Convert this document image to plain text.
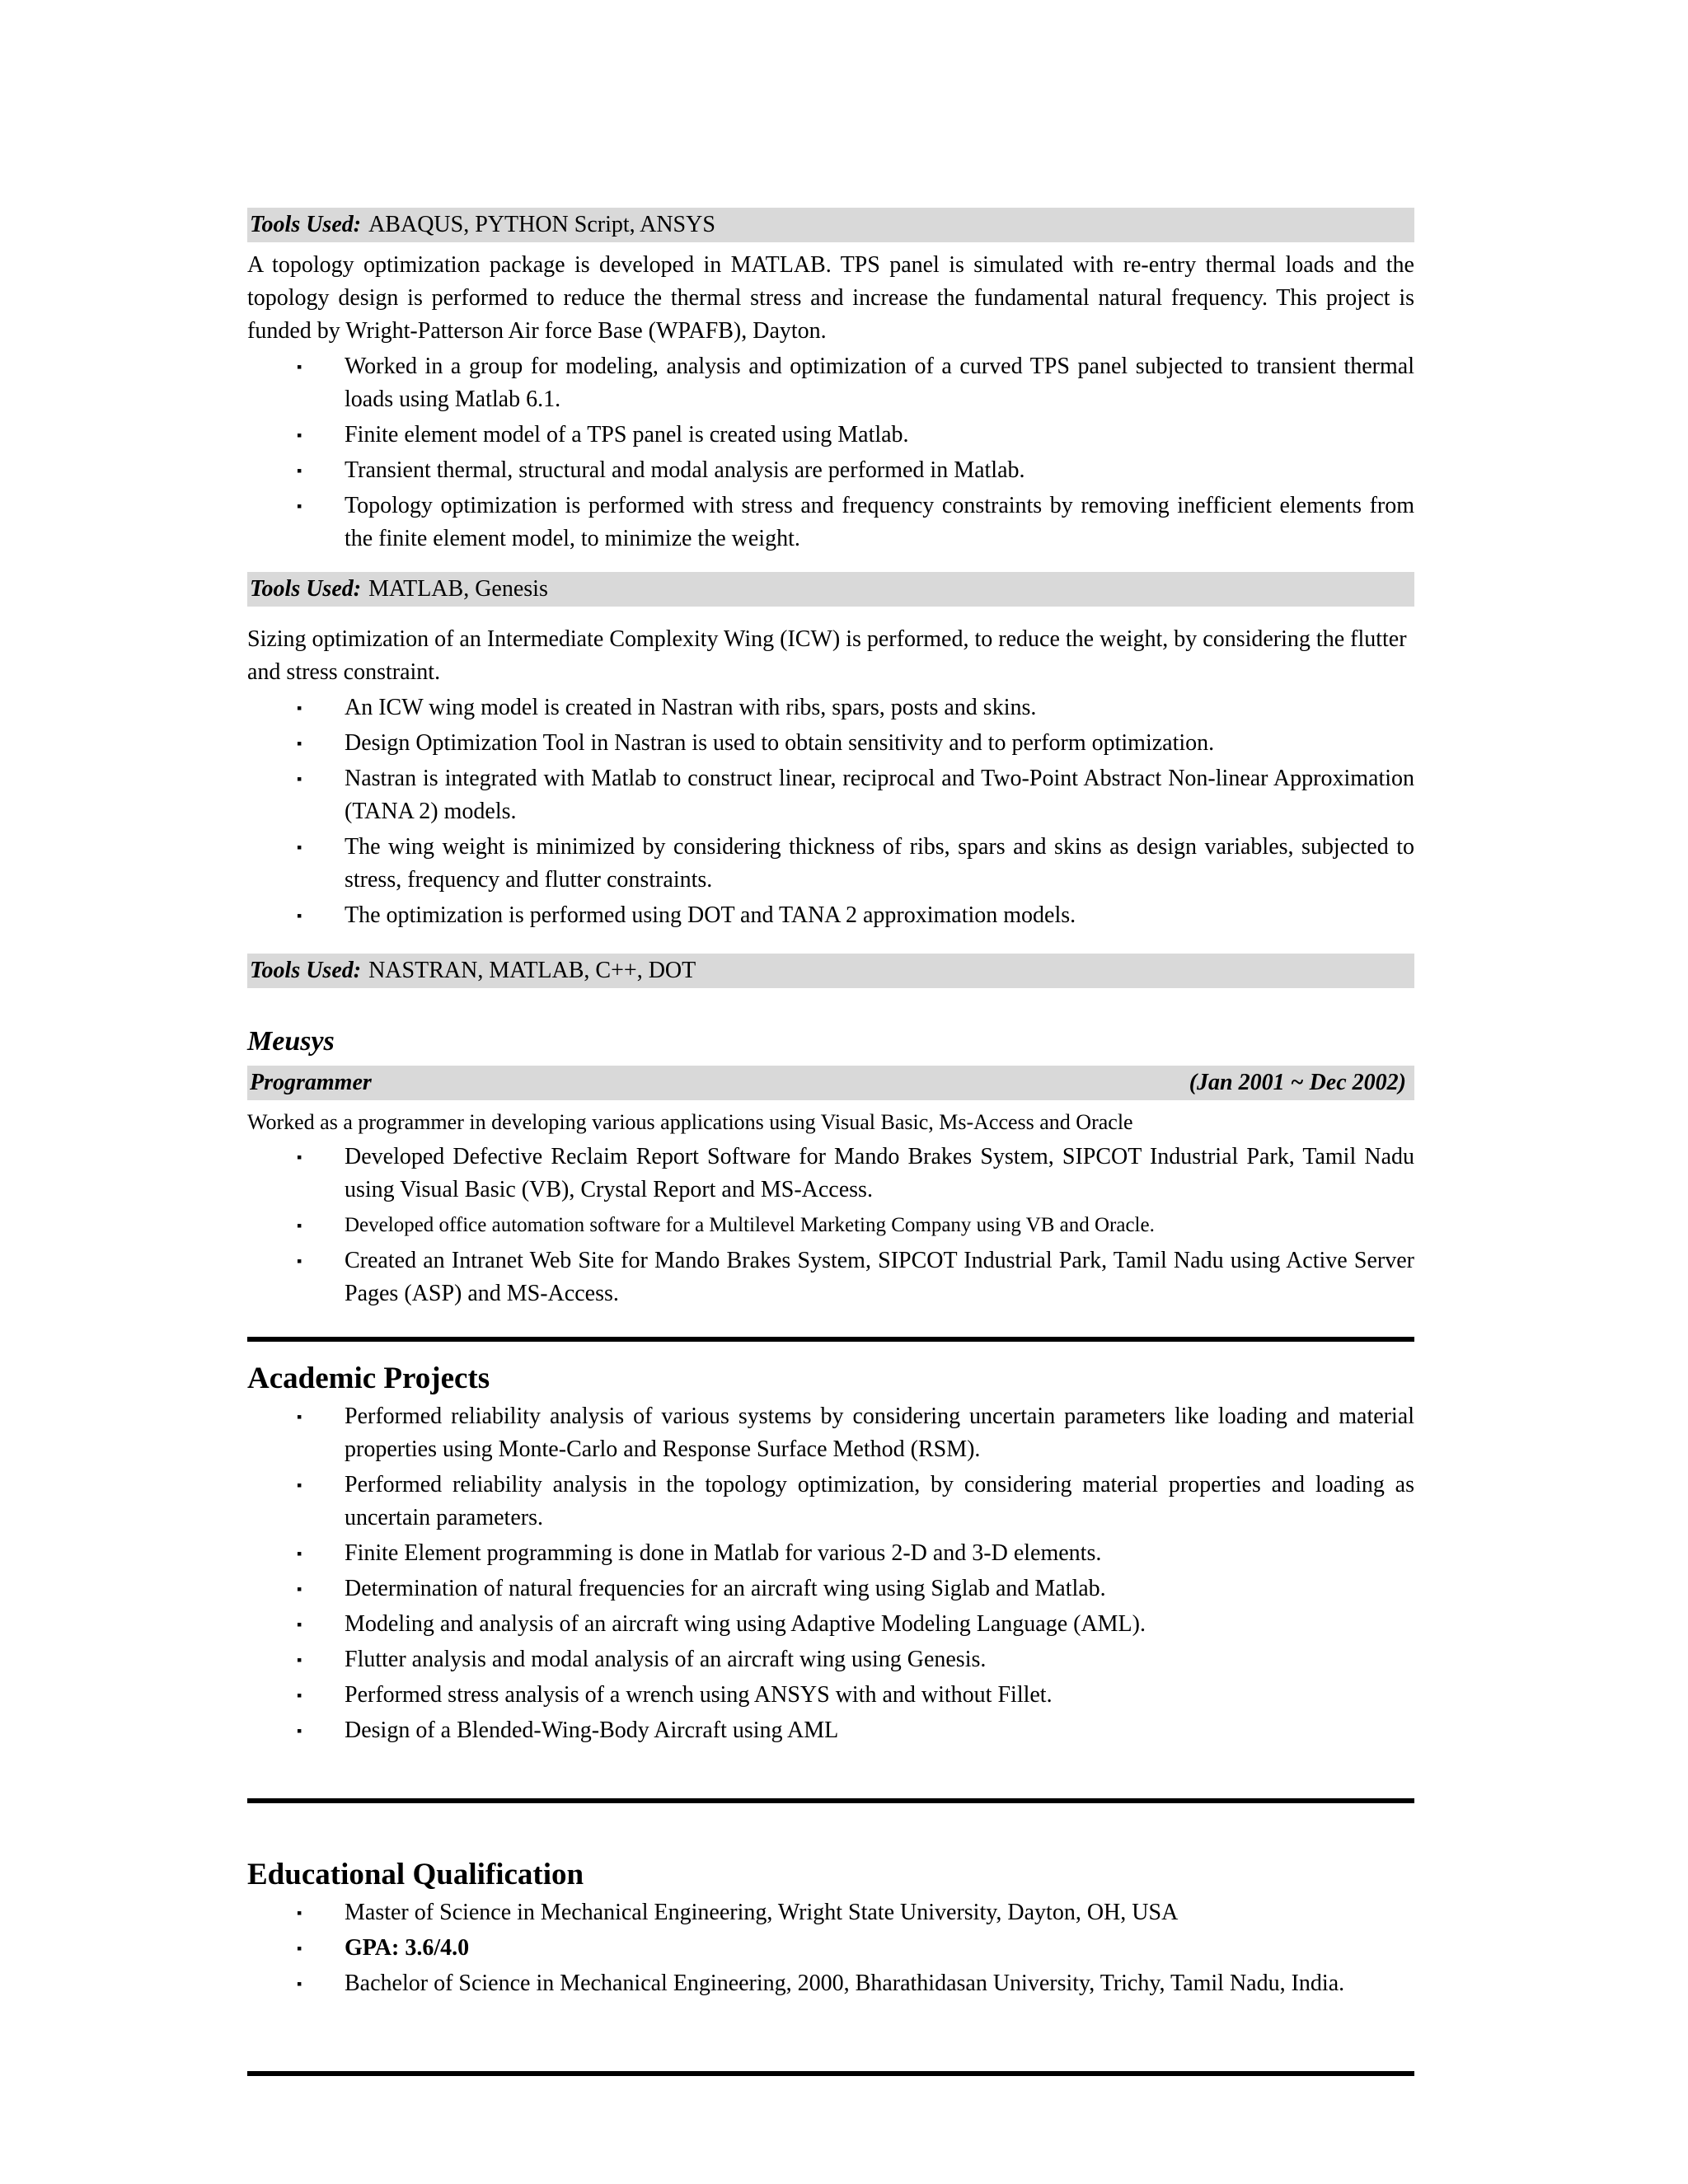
Tools Used: ABAQUS, PYTHON Script, ANSYS

A topology optimization package is developed in MATLAB. TPS panel is simulated with re-entry thermal loads and the topology design is performed to reduce the thermal stress and increase the fundamental natural frequency. This project is funded by Wright-Patterson Air force Base (WPAFB), Dayton.

▪ Worked in a group for modeling, analysis and optimization of a curved TPS panel subjected to transient thermal loads using Matlab 6.1.
▪ Finite element model of a TPS panel is created using Matlab.
▪ Transient thermal, structural and modal analysis are performed in Matlab.
▪ Topology optimization is performed with stress and frequency constraints by removing inefficient elements from the finite element model, to minimize the weight.
Tools Used: MATLAB, Genesis

Sizing optimization of an Intermediate Complexity Wing (ICW) is performed, to reduce the weight, by considering the flutter and stress constraint.

▪ An ICW wing model is created in Nastran with ribs, spars, posts and skins.
▪ Design Optimization Tool in Nastran is used to obtain sensitivity and to perform optimization.
▪ Nastran is integrated with Matlab to construct linear, reciprocal and Two-Point Abstract Non-linear Approximation (TANA 2) models.
▪ The wing weight is minimized by considering thickness of ribs, spars and skins as design variables, subjected to stress, frequency and flutter constraints.
▪ The optimization is performed using DOT and TANA 2 approximation models.
Tools Used: NASTRAN, MATLAB, C++, DOT
Meusys
Programmer	(Jan 2001 ~ Dec 2002)

Worked as a programmer in developing various applications using Visual Basic, Ms-Access and Oracle

▪ Developed Defective Reclaim Report Software for Mando Brakes System, SIPCOT Industrial Park, Tamil Nadu using Visual Basic (VB), Crystal Report and MS-Access.
▪ Developed office automation software for a Multilevel Marketing Company using VB and Oracle.
▪ Created an Intranet Web Site for Mando Brakes System, SIPCOT Industrial Park, Tamil Nadu using Active Server Pages (ASP) and MS-Access.
Academic Projects
▪ Performed reliability analysis of various systems by considering uncertain parameters like loading and material properties using Monte-Carlo and Response Surface Method (RSM).
▪ Performed reliability analysis in the topology optimization, by considering material properties and loading as uncertain parameters.
▪ Finite Element programming is done in Matlab for various 2-D and 3-D elements.
▪ Determination of natural frequencies for an aircraft wing using Siglab and Matlab.
▪ Modeling and analysis of an aircraft wing using Adaptive Modeling Language (AML).
▪ Flutter analysis and modal analysis of an aircraft wing using Genesis.
▪ Performed stress analysis of a wrench using ANSYS with and without Fillet.
▪ Design of a Blended-Wing-Body Aircraft using AML
Educational Qualification
▪ Master of Science in Mechanical Engineering, Wright State University, Dayton, OH, USA
▪ GPA: 3.6/4.0
▪ Bachelor of Science in Mechanical Engineering, 2000, Bharathidasan University, Trichy, Tamil Nadu, India.
